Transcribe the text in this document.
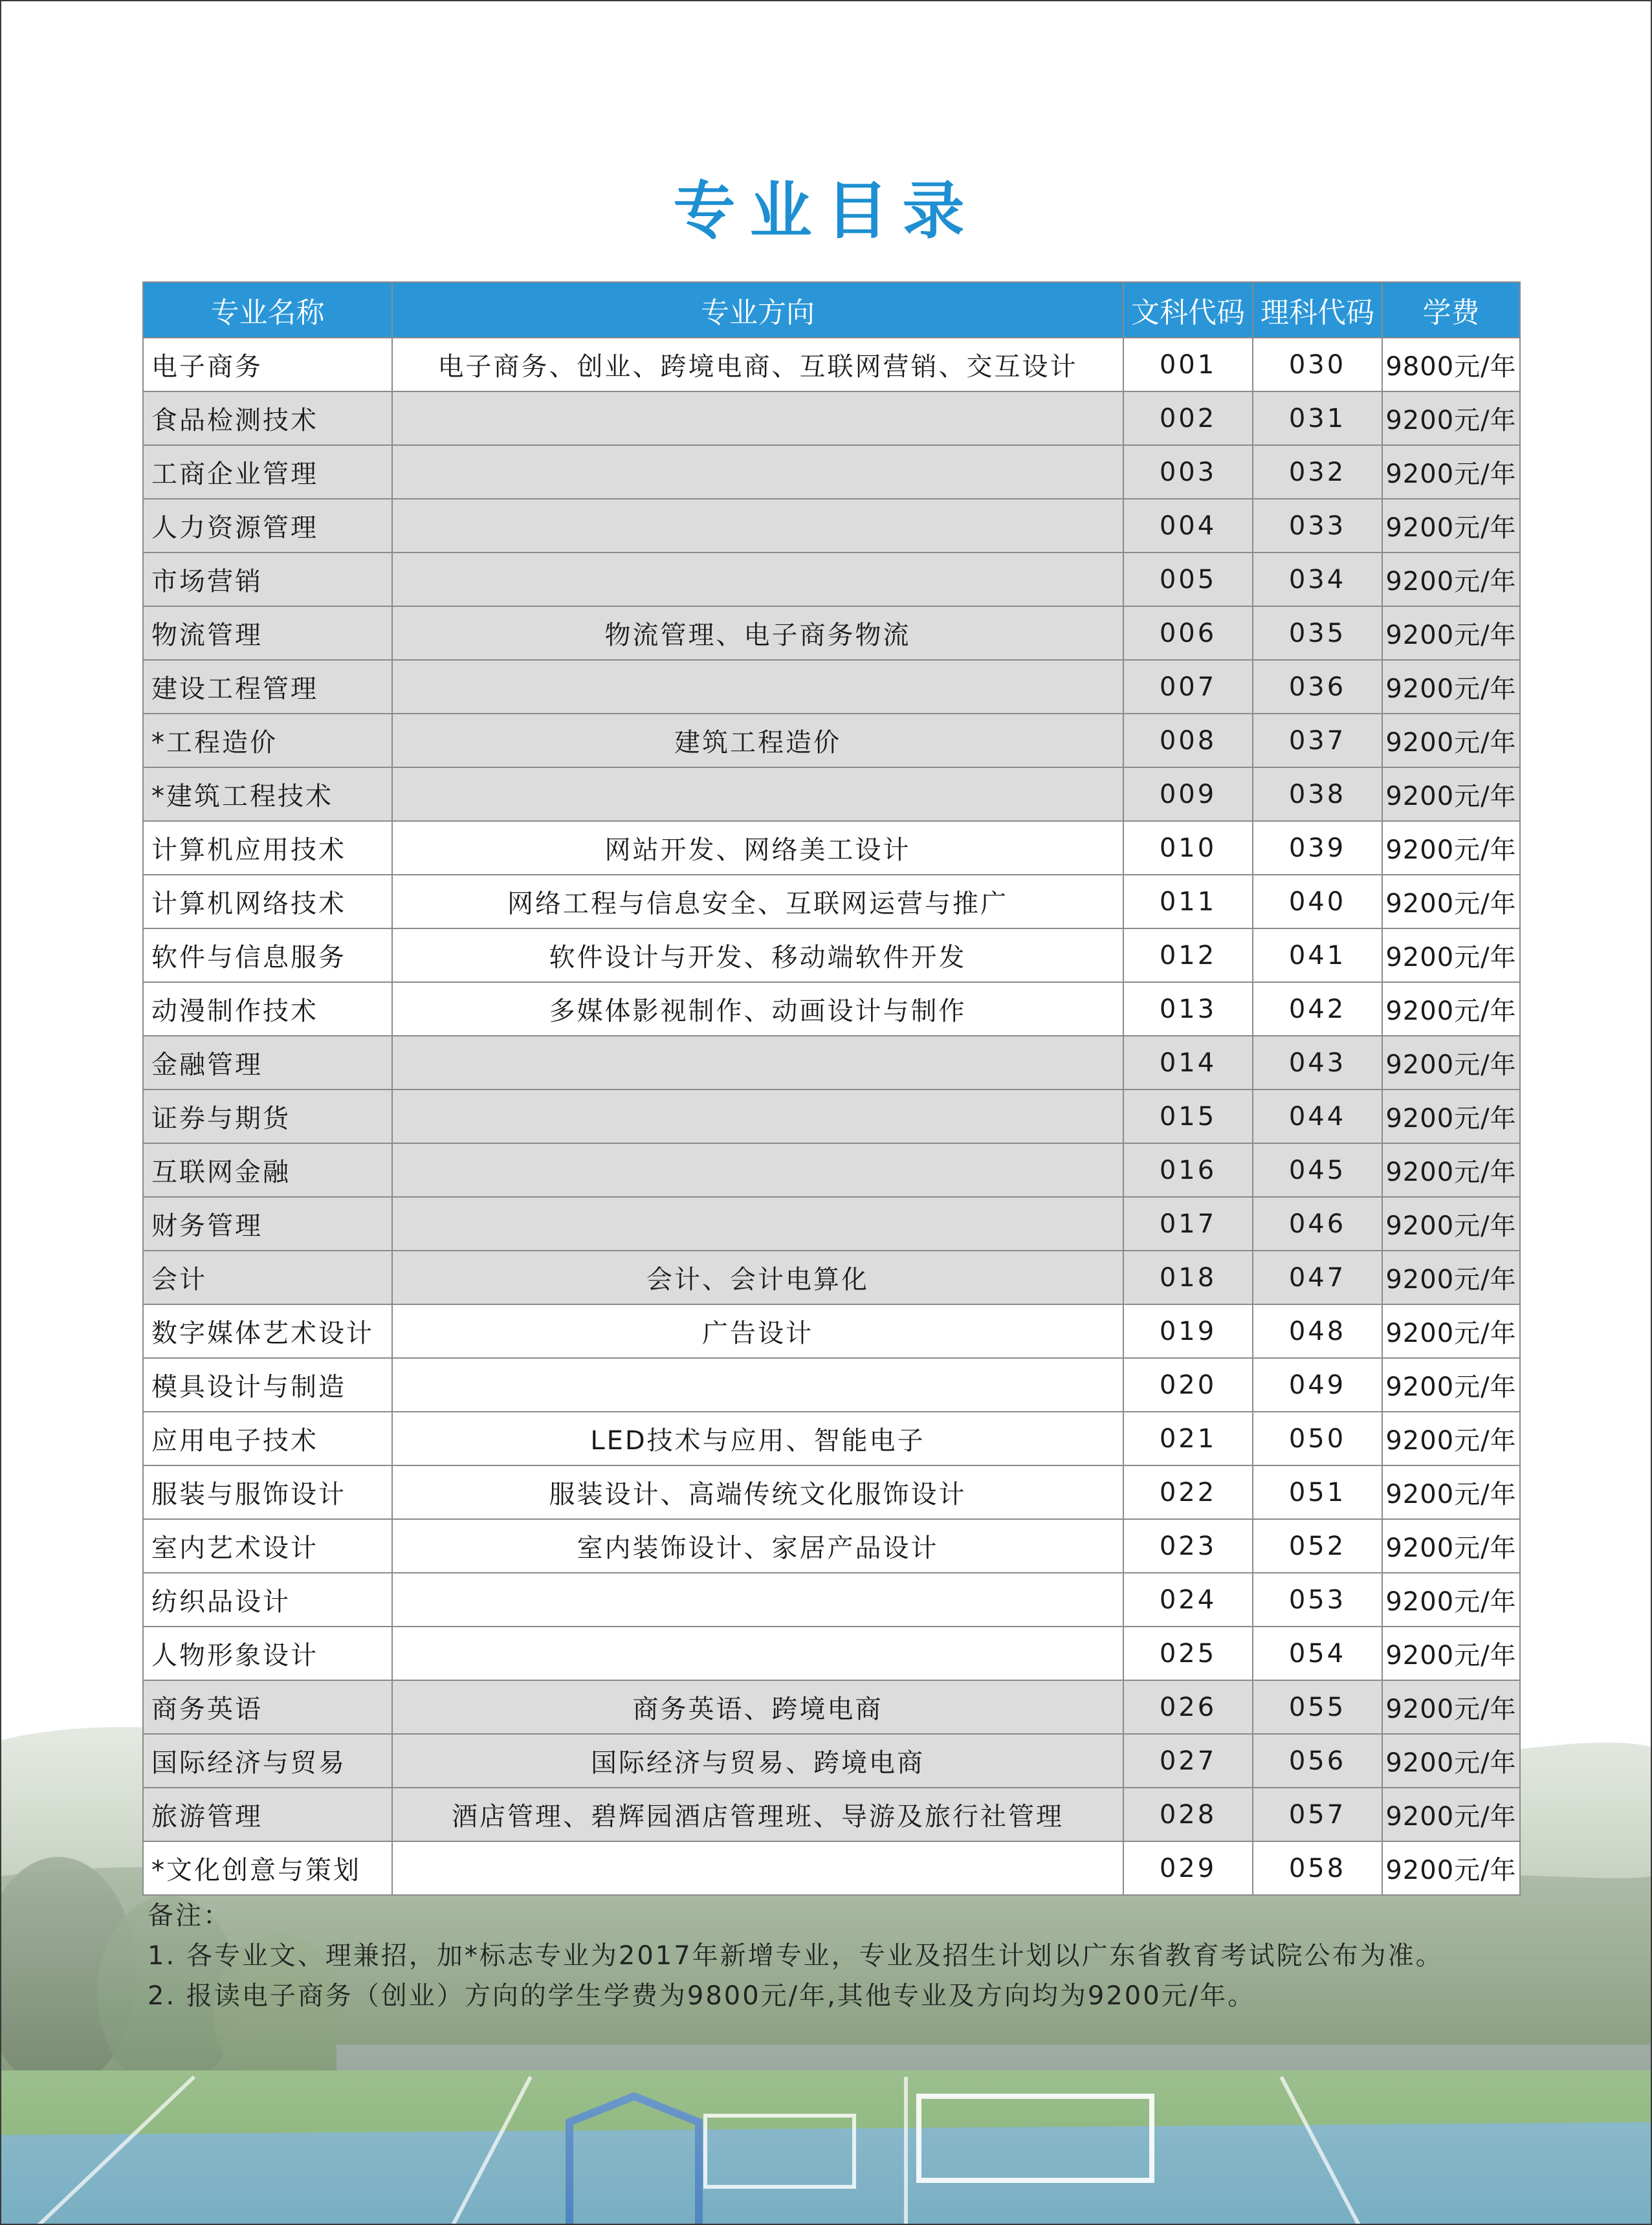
专业目录
专业名称	专业方向	文科代码	理科代码	学费
电子商务	电子商务、创业、跨境电商、互联网营销、交互设计	001	030	9800元/年
食品检测技术		002	031	9200元/年
工商企业管理		003	032	9200元/年
人力资源管理		004	033	9200元/年
市场营销		005	034	9200元/年
物流管理	物流管理、电子商务物流	006	035	9200元/年
建设工程管理		007	036	9200元/年
*工程造价	建筑工程造价	008	037	9200元/年
*建筑工程技术		009	038	9200元/年
计算机应用技术	网站开发、网络美工设计	010	039	9200元/年
计算机网络技术	网络工程与信息安全、互联网运营与推广	011	040	9200元/年
软件与信息服务	软件设计与开发、移动端软件开发	012	041	9200元/年
动漫制作技术	多媒体影视制作、动画设计与制作	013	042	9200元/年
金融管理		014	043	9200元/年
证券与期货		015	044	9200元/年
互联网金融		016	045	9200元/年
财务管理		017	046	9200元/年
会计	会计、会计电算化	018	047	9200元/年
数字媒体艺术设计	广告设计	019	048	9200元/年
模具设计与制造		020	049	9200元/年
应用电子技术	LED技术与应用、智能电子	021	050	9200元/年
服装与服饰设计	服装设计、高端传统文化服饰设计	022	051	9200元/年
室内艺术设计	室内装饰设计、家居产品设计	023	052	9200元/年
纺织品设计		024	053	9200元/年
人物形象设计		025	054	9200元/年
商务英语	商务英语、跨境电商	026	055	9200元/年
国际经济与贸易	国际经济与贸易、跨境电商	027	056	9200元/年
旅游管理	酒店管理、碧辉园酒店管理班、导游及旅行社管理	028	057	9200元/年
*文化创意与策划		029	058	9200元/年
备注：
1. 各专业文、理兼招，加*标志专业为2017年新增专业，专业及招生计划以广东省教育考试院公布为准。
2. 报读电子商务（创业）方向的学生学费为9800元/年,其他专业及方向均为9200元/年。
